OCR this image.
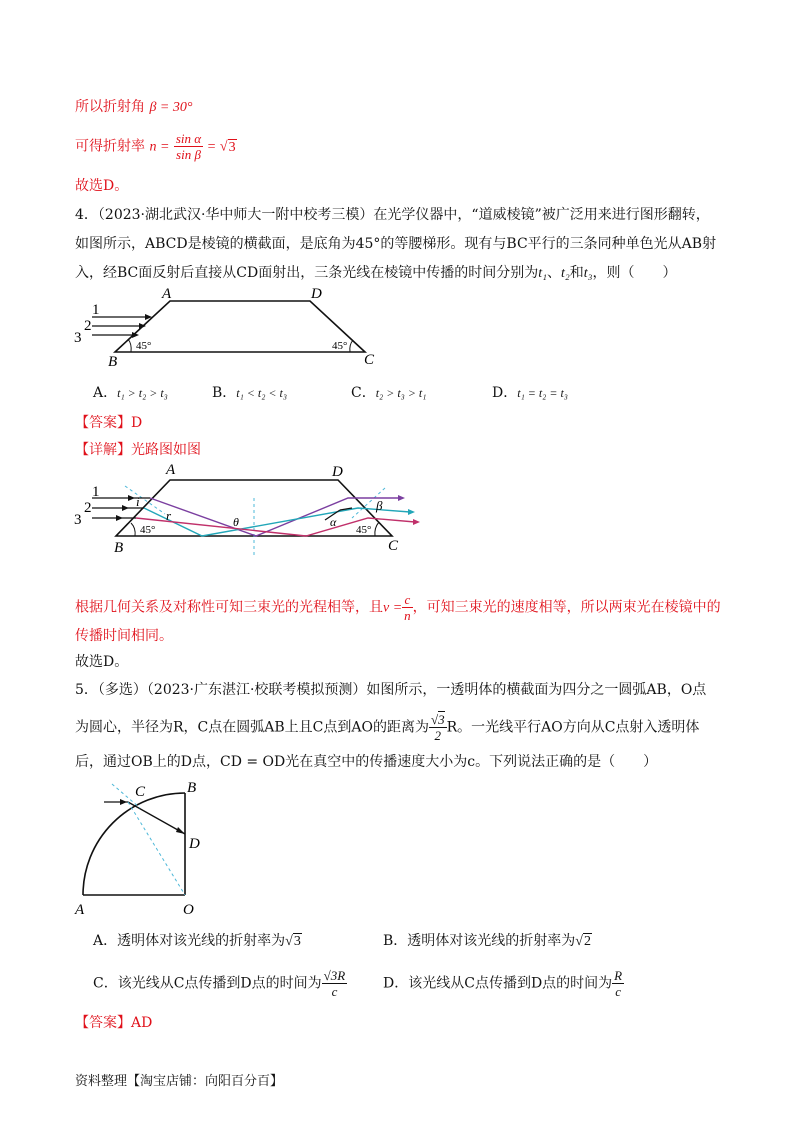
所以折射角 β = 30°
可得折射率 $n = \frac{\text{sin α}}{\text{sin β}} = √3$
故选D。
4．（2023·湖北武汉·华中师大一附中校考三模）在光学仪器中，“道威棱镜”被广泛用来进行图形翻转，
如图所示，ABCD是棱镜的横截面，是底角为45°的等腰梯形。现有与BC平行的三条同种单色光从AB射
入，经BC面反射后直接从CD面射出，三条光线在棱镜中传播的时间分别为t₁、t₂和t₃，则（　　）
1
2
3
A	D
B	C
45°	45°
A．t₁ > t₂ > t₃	B．t₁ < t₂ < t₃	C．t₂ > t₃ > t₁	D．t₁ = t₂ = t₃
【答案】D
【详解】光路图如图
A	D
B	C
1
2
3
i
r	θ	α
β
45°	45°
根据几何关系及对称性可知三束光的光程相等，且$v = \frac{c}{n}$ ，可知三束光的速度相等，所以两束光在棱镜中的
传播时间相同。
故选D。
5．（多选）（2023·广东湛江·校联考模拟预测）如图所示，一透明体的横截面为四分之一圆弧AB，O点
为圆心，半径为R，C点在圆弧AB上且C点到AO的距离为 $\frac{√3}{2}$ R。一光线平行AO方向从C点射入透明体
后，通过OB上的D点，CD = OD光在真空中的传播速度大小为c。下列说法正确的是（　　）
C	B
D
A	O
A．透明体对该光线的折射率为√3	B．透明体对该光线的折射率为√2
C．该光线从C点传播到D点的时间为 $\frac{√3R}{c}$	D．该光线从C点传播到D点的时间为 $\frac{R}{c}$
【答案】AD
资料整理【淘宝店铺：向阳百分百】
